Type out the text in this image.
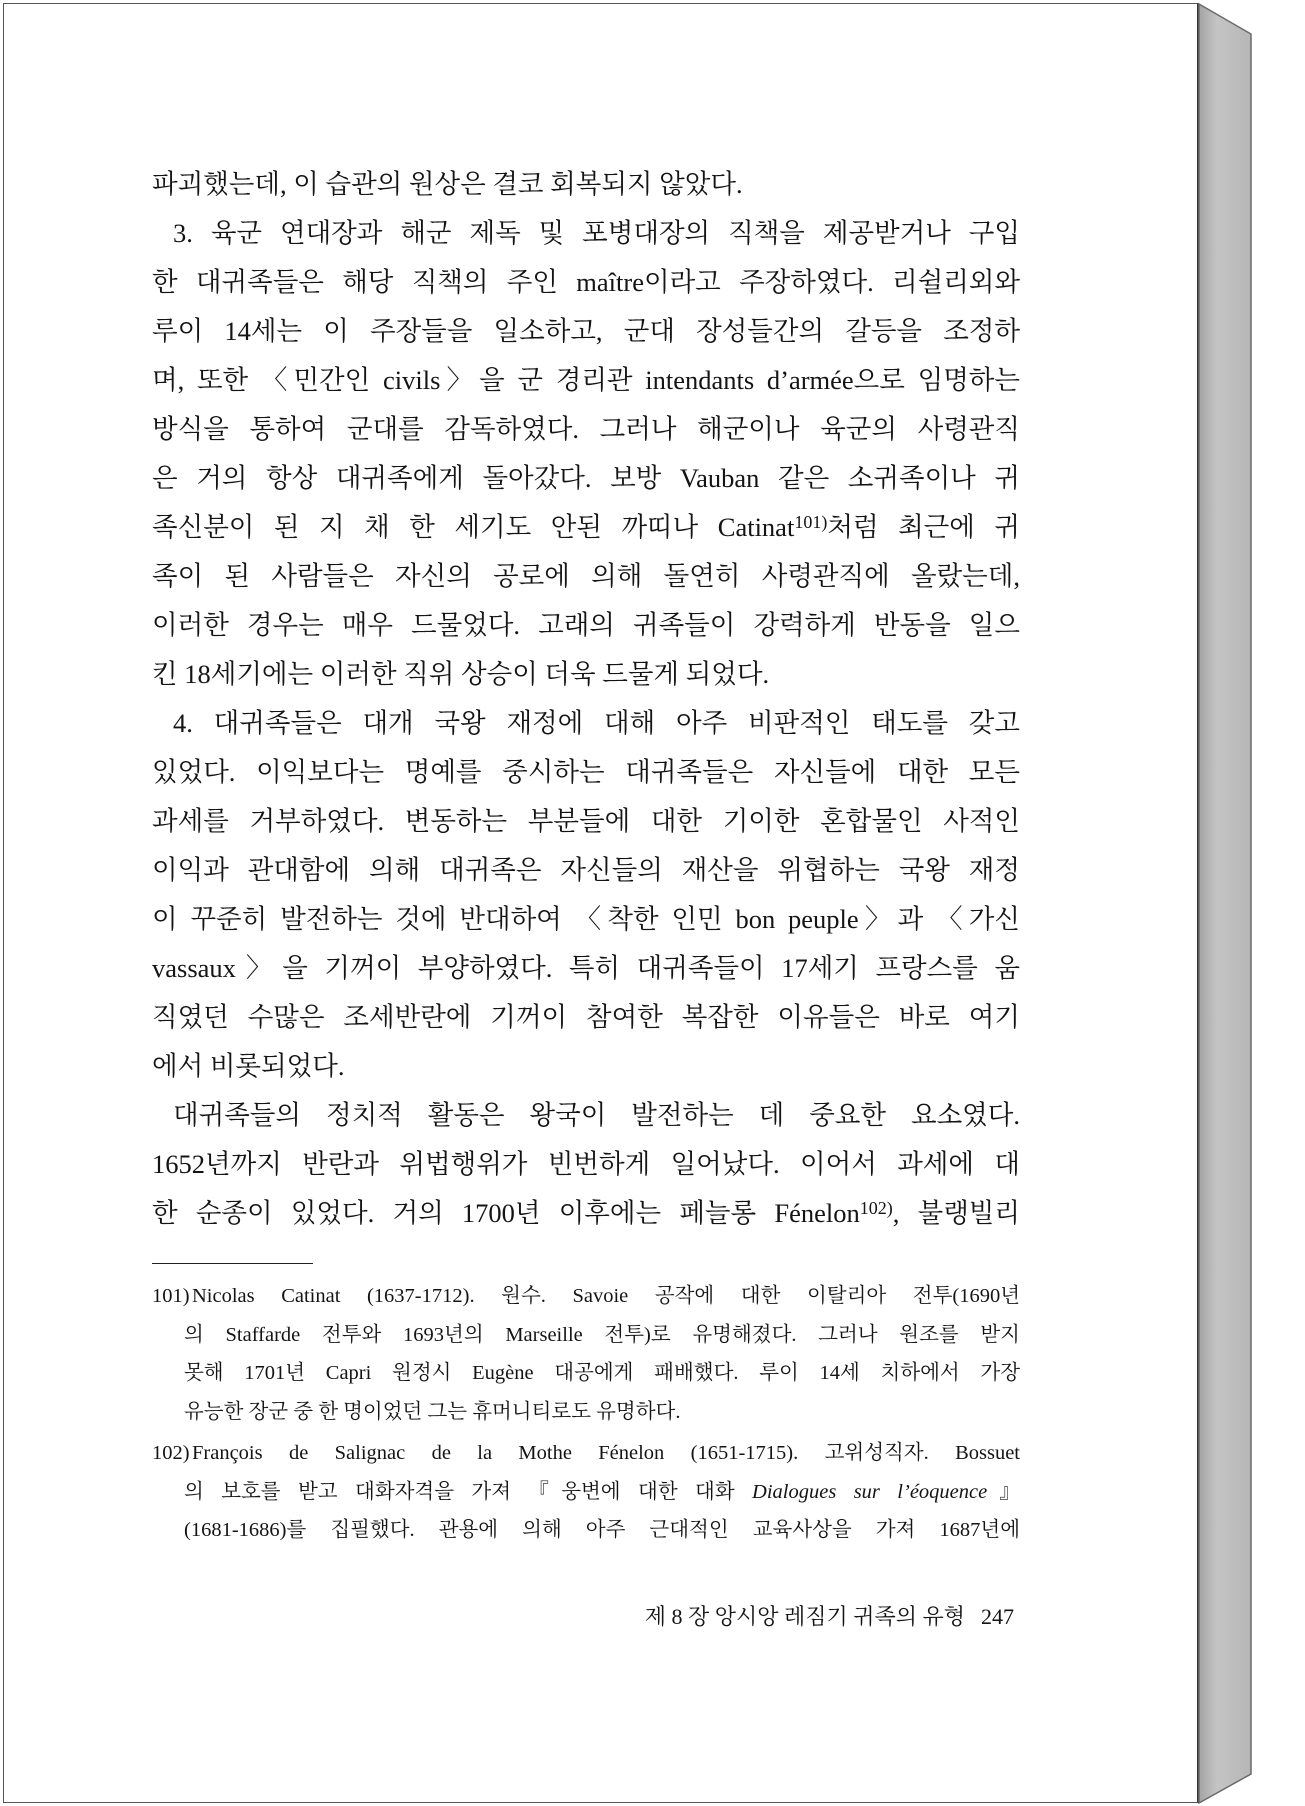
파괴했는데, 이 습관의 원상은 결코 회복되지 않았다.
3. 육군 연대장과 해군 제독 및 포병대장의 직책을 제공받거나 구입
한 대귀족들은 해당 직책의 주인 maître이라고 주장하였다. 리쉴리외와
루이 14세는 이 주장들을 일소하고, 군대 장성들간의 갈등을 조정하
며, 또한 〈민간인 civils〉을 군 경리관 intendants d’armée으로 임명하는
방식을 통하여 군대를 감독하였다. 그러나 해군이나 육군의 사령관직
은 거의 항상 대귀족에게 돌아갔다. 보방 Vauban 같은 소귀족이나 귀
족신분이 된 지 채 한 세기도 안된 까띠나 Catinat$^{101)}$처럼 최근에 귀
족이 된 사람들은 자신의 공로에 의해 돌연히 사령관직에 올랐는데,
이러한 경우는 매우 드물었다. 고래의 귀족들이 강력하게 반동을 일으
킨 18세기에는 이러한 직위 상승이 더욱 드물게 되었다.
4. 대귀족들은 대개 국왕 재정에 대해 아주 비판적인 태도를 갖고
있었다. 이익보다는 명예를 중시하는 대귀족들은 자신들에 대한 모든
과세를 거부하였다. 변동하는 부분들에 대한 기이한 혼합물인 사적인
이익과 관대함에 의해 대귀족은 자신들의 재산을 위협하는 국왕 재정
이 꾸준히 발전하는 것에 반대하여 〈착한 인민 bon peuple〉과 〈가신
vassaux〉을 기꺼이 부양하였다. 특히 대귀족들이 17세기 프랑스를 움
직였던 수많은 조세반란에 기꺼이 참여한 복잡한 이유들은 바로 여기
에서 비롯되었다.
대귀족들의 정치적 활동은 왕국이 발전하는 데 중요한 요소였다.
1652년까지 반란과 위법행위가 빈번하게 일어났다. 이어서 과세에 대
한 순종이 있었다. 거의 1700년 이후에는 페늘롱 Fénelon$^{102)}$, 불랭빌리
101) Nicolas Catinat (1637-1712). 원수. Savoie 공작에 대한 이탈리아 전투(1690년
의 Staffarde 전투와 1693년의 Marseille 전투)로 유명해졌다. 그러나 원조를 받지
못해 1701년 Capri 원정시 Eugène 대공에게 패배했다. 루이 14세 치하에서 가장
유능한 장군 중 한 명이었던 그는 휴머니티로도 유명하다.
102) François de Salignac de la Mothe Fénelon (1651-1715). 고위성직자. Bossuet
의 보호를 받고 대화자격을 가져 『웅변에 대한 대화 Dialogues sur l’éoquence』
(1681-1686)를 집필했다. 관용에 의해 아주 근대적인 교육사상을 가져 1687년에
제 8 장 앙시앙 레짐기 귀족의 유형 247
